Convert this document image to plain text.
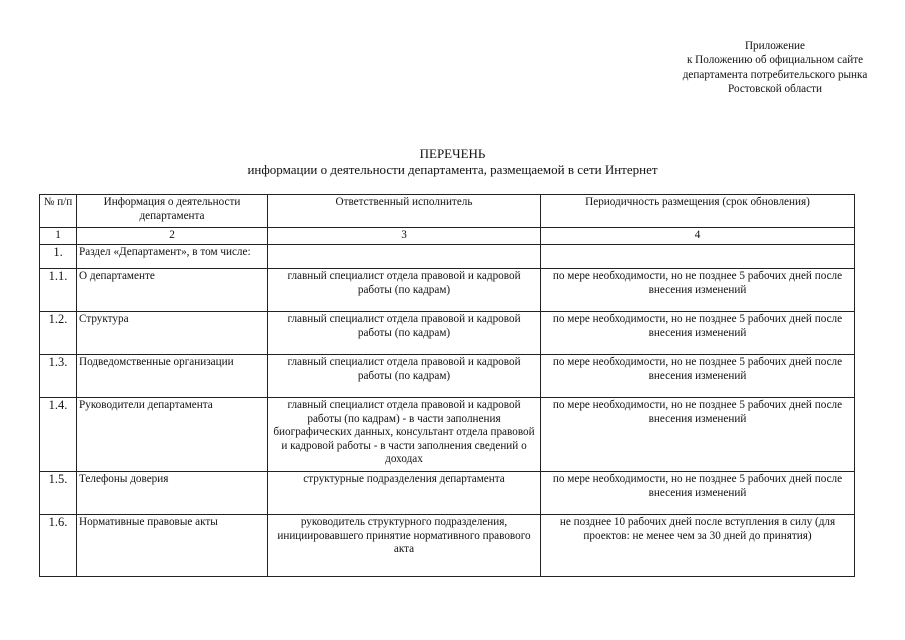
Приложение
к Положению об официальном сайте
департамента потребительского рынка
Ростовской области
ПЕРЕЧЕНЬ
информации о деятельности департамента, размещаемой в сети Интернет
№ п/п	Информация о деятельности департамента	Ответственный исполнитель	Периодичность размещения (срок обновления)
1	2	3	4
1.	Раздел «Департамент», в том числе:		
1.1.	О департаменте	главный специалист отдела правовой и кадровой работы (по кадрам)	по мере необходимости, но не позднее 5 рабочих дней после внесения изменений
1.2.	Структура	главный специалист отдела правовой и кадровой работы (по кадрам)	по мере необходимости, но не позднее 5 рабочих дней после внесения изменений
1.3.	Подведомственные организации	главный специалист отдела правовой и кадровой работы (по кадрам)	по мере необходимости, но не позднее 5 рабочих дней после внесения изменений
1.4.	Руководители департамента	главный специалист отдела правовой и кадровой работы (по кадрам) - в части заполнения биографических данных, консультант отдела правовой и кадровой работы - в части заполнения сведений о доходах	по мере необходимости, но не позднее 5 рабочих дней после внесения изменений
1.5.	Телефоны доверия	структурные подразделения департамента	по мере необходимости, но не позднее 5 рабочих дней после внесения изменений
1.6.	Нормативные правовые акты	руководитель структурного подразделения, инициировавшего принятие нормативного правового акта	не позднее 10 рабочих дней после вступления в силу (для проектов: не менее чем за 30 дней до принятия)
